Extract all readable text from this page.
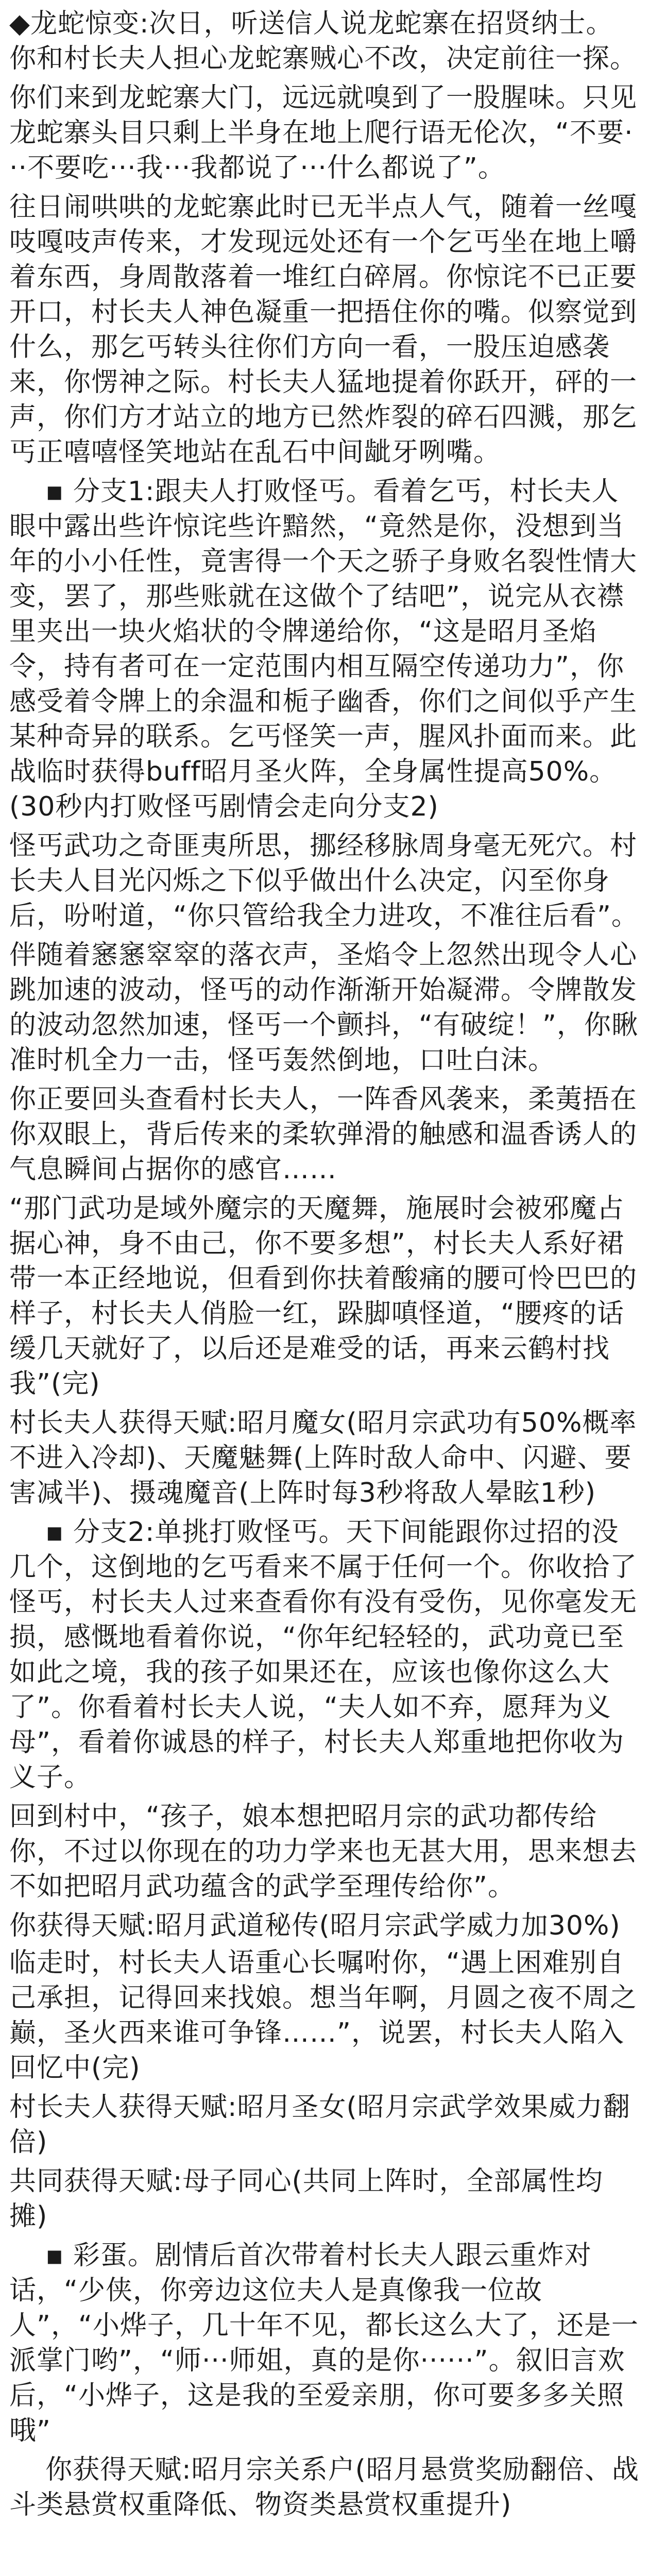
◆龙蛇惊变:次日，听送信人说龙蛇寨在招贤纳士。你和村长夫人担心龙蛇寨贼心不改，决定前往一探。

你们来到龙蛇寨大门，远远就嗅到了一股腥味。只见龙蛇寨头目只剩上半身在地上爬行语无伦次，“不要···不要吃···我···我都说了···什么都说了”。

往日闹哄哄的龙蛇寨此时已无半点人气，随着一丝嘎吱嘎吱声传来，才发现远处还有一个乞丐坐在地上嚼着东西，身周散落着一堆红白碎屑。你惊诧不已正要开口，村长夫人神色凝重一把捂住你的嘴。似察觉到什么，那乞丐转头往你们方向一看，一股压迫感袭来，你愣神之际。村长夫人猛地提着你跃开，砰的一声，你们方才站立的地方已然炸裂的碎石四溅，那乞丐正嘻嘻怪笑地站在乱石中间龇牙咧嘴。

▪ 分支1:跟夫人打败怪丐。看着乞丐，村长夫人眼中露出些许惊诧些许黯然，“竟然是你，没想到当年的小小任性，竟害得一个天之骄子身败名裂性情大变，罢了，那些账就在这做个了结吧”，说完从衣襟里夹出一块火焰状的令牌递给你，“这是昭月圣焰令，持有者可在一定范围内相互隔空传递功力”，你感受着令牌上的余温和栀子幽香，你们之间似乎产生某种奇异的联系。乞丐怪笑一声，腥风扑面而来。此战临时获得buff昭月圣火阵，全身属性提高50%。(30秒内打败怪丐剧情会走向分支2)

怪丐武功之奇匪夷所思，挪经移脉周身毫无死穴。村长夫人目光闪烁之下似乎做出什么决定，闪至你身后，吩咐道，“你只管给我全力进攻，不准往后看”。

伴随着窸窸窣窣的落衣声，圣焰令上忽然出现令人心跳加速的波动，怪丐的动作渐渐开始凝滞。令牌散发的波动忽然加速，怪丐一个颤抖，“有破绽！”，你瞅准时机全力一击，怪丐轰然倒地，口吐白沫。

你正要回头查看村长夫人，一阵香风袭来，柔荑捂在你双眼上，背后传来的柔软弹滑的触感和温香诱人的气息瞬间占据你的感官……

“那门武功是域外魔宗的天魔舞，施展时会被邪魔占据心神，身不由己，你不要多想”，村长夫人系好裙带一本正经地说，但看到你扶着酸痛的腰可怜巴巴的样子，村长夫人俏脸一红，跺脚嗔怪道，“腰疼的话缓几天就好了，以后还是难受的话，再来云鹤村找我”(完)

村长夫人获得天赋:昭月魔女(昭月宗武功有50%概率不进入冷却)、天魔魅舞(上阵时敌人命中、闪避、要害减半)、摄魂魔音(上阵时每3秒将敌人晕眩1秒)

▪ 分支2:单挑打败怪丐。天下间能跟你过招的没几个，这倒地的乞丐看来不属于任何一个。你收拾了怪丐，村长夫人过来查看你有没有受伤，见你毫发无损，感慨地看着你说，“你年纪轻轻的，武功竟已至如此之境，我的孩子如果还在，应该也像你这么大了”。你看着村长夫人说，“夫人如不弃，愿拜为义母”，看着你诚恳的样子，村长夫人郑重地把你收为义子。

回到村中，“孩子，娘本想把昭月宗的武功都传给你，不过以你现在的功力学来也无甚大用，思来想去不如把昭月武功蕴含的武学至理传给你”。

你获得天赋:昭月武道秘传(昭月宗武学威力加30%)

临走时，村长夫人语重心长嘱咐你，“遇上困难别自己承担，记得回来找娘。想当年啊，月圆之夜不周之巅，圣火西来谁可争锋……”，说罢，村长夫人陷入回忆中(完)

村长夫人获得天赋:昭月圣女(昭月宗武学效果威力翻倍)

共同获得天赋:母子同心(共同上阵时，全部属性均摊)

▪ 彩蛋。剧情后首次带着村长夫人跟云重炸对话，“少侠，你旁边这位夫人是真像我一位故人”，“小烨子，几十年不见，都长这么大了，还是一派掌门哟”，“师···师姐，真的是你······”。叙旧言欢后，“小烨子，这是我的至爱亲朋，你可要多多关照哦”

你获得天赋:昭月宗关系户(昭月悬赏奖励翻倍、战斗类悬赏权重降低、物资类悬赏权重提升)
